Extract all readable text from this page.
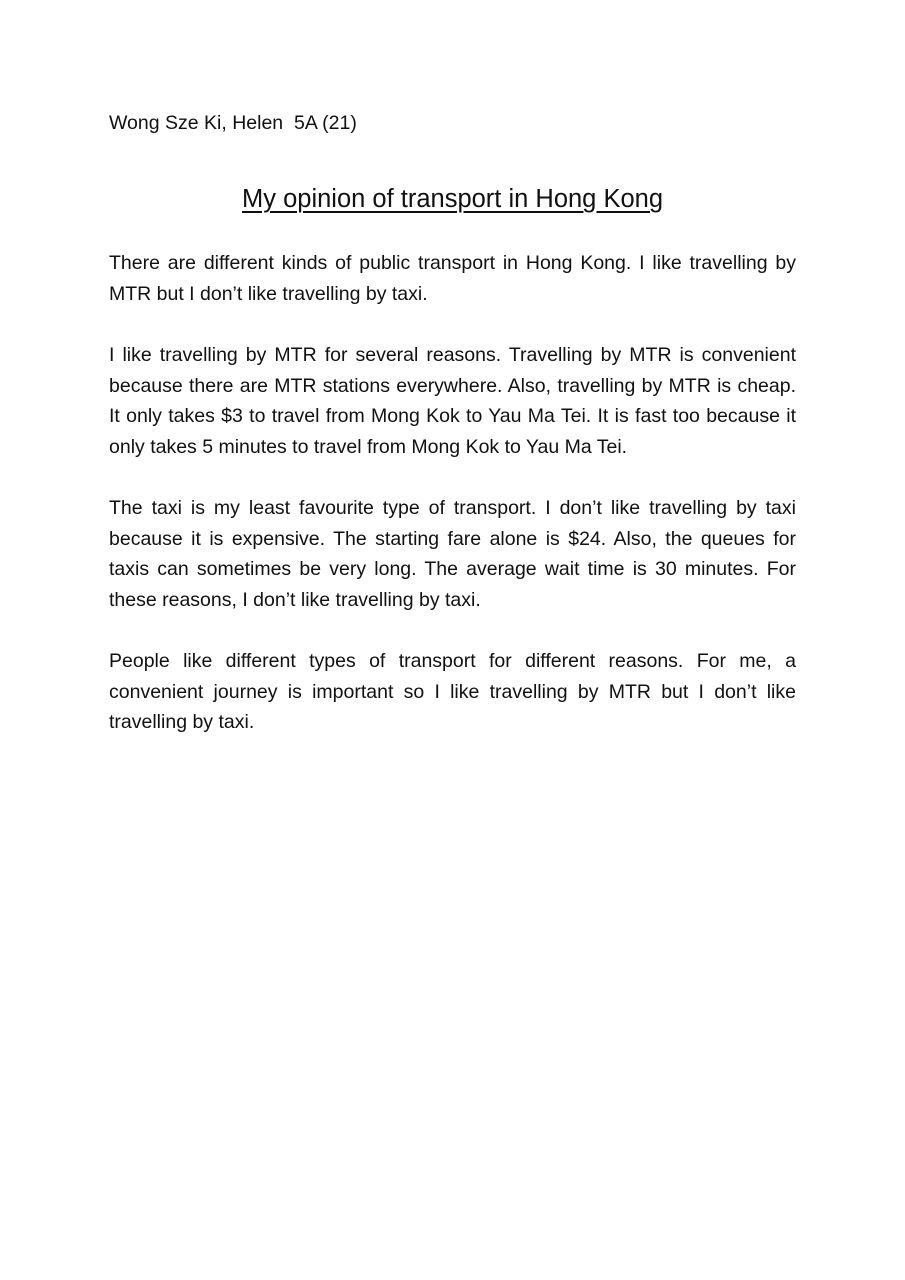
Wong Sze Ki, Helen  5A (21)

My opinion of transport in Hong Kong

There are different kinds of public transport in Hong Kong. I like travelling by MTR but I don’t like travelling by taxi.

I like travelling by MTR for several reasons. Travelling by MTR is convenient because there are MTR stations everywhere. Also, travelling by MTR is cheap. It only takes $3 to travel from Mong Kok to Yau Ma Tei. It is fast too because it only takes 5 minutes to travel from Mong Kok to Yau Ma Tei.

The taxi is my least favourite type of transport. I don’t like travelling by taxi because it is expensive. The starting fare alone is $24. Also, the queues for taxis can sometimes be very long. The average wait time is 30 minutes. For these reasons, I don’t like travelling by taxi.

People like different types of transport for different reasons. For me, a convenient journey is important so I like travelling by MTR but I don’t like travelling by taxi.
